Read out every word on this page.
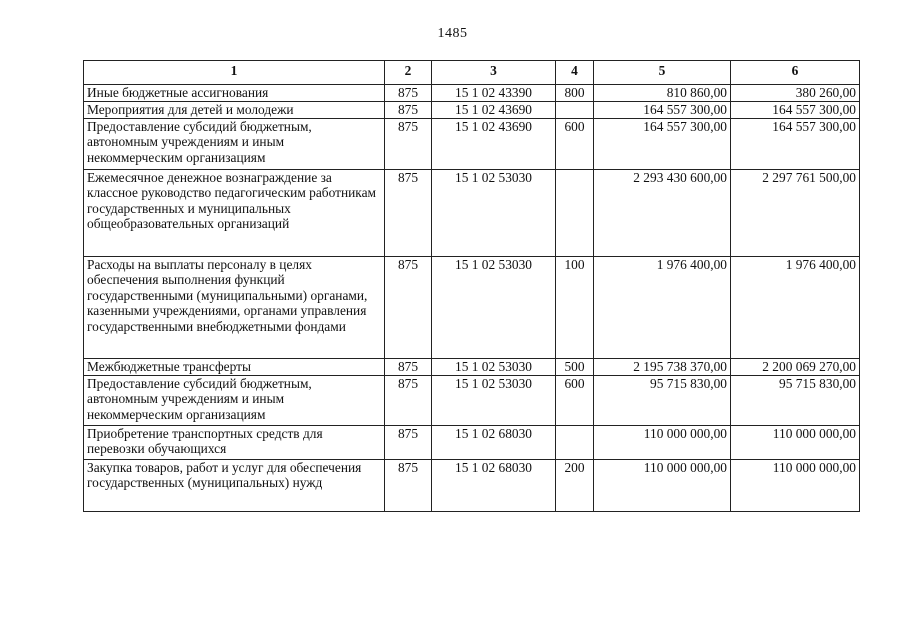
1485
1	2	3	4	5	6
Иные бюджетные ассигнования	875	15 1 02 43390	800	810 860,00	380 260,00
Мероприятия для детей и молодежи	875	15 1 02 43690		164 557 300,00	164 557 300,00
Предоставление субсидий бюджетным, автономным учреждениям и иным некоммерческим организациям	875	15 1 02 43690	600	164 557 300,00	164 557 300,00
Ежемесячное денежное вознаграждение за классное руководство педагогическим работникам государственных и муниципальных общеобразовательных организаций	875	15 1 02 53030		2 293 430 600,00	2 297 761 500,00
Расходы на выплаты персоналу в целях обеспечения выполнения функций государственными (муниципальными) органами, казенными учреждениями, органами управления государственными внебюджетными фондами	875	15 1 02 53030	100	1 976 400,00	1 976 400,00
Межбюджетные трансферты	875	15 1 02 53030	500	2 195 738 370,00	2 200 069 270,00
Предоставление субсидий бюджетным, автономным учреждениям и иным некоммерческим организациям	875	15 1 02 53030	600	95 715 830,00	95 715 830,00
Приобретение транспортных средств для перевозки обучающихся	875	15 1 02 68030		110 000 000,00	110 000 000,00
Закупка товаров, работ и услуг для обеспечения государственных (муниципальных) нужд	875	15 1 02 68030	200	110 000 000,00	110 000 000,00
